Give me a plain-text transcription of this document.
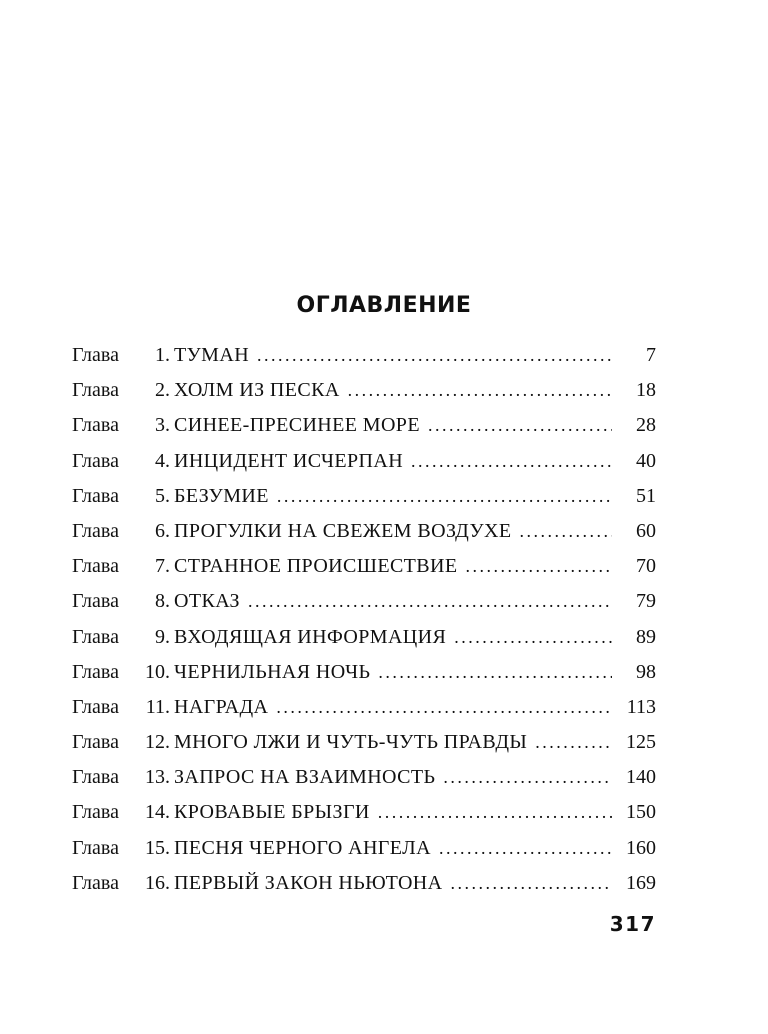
ОГЛАВЛЕНИЕ
Глава	1. ТУМАН . . .	7
Глава	2. ХОЛМ ИЗ ПЕСКА . . .	18
Глава	3. СИНЕЕ-ПРЕСИНЕЕ МОРЕ . . .	28
Глава	4. ИНЦИДЕНТ ИСЧЕРПАН . . .	40
Глава	5. БЕЗУМИЕ . . .	51
Глава	6. ПРОГУЛКИ НА СВЕЖЕМ ВОЗДУХЕ . . .	60
Глава	7. СТРАННОЕ ПРОИСШЕСТВИЕ . . .	70
Глава	8. ОТКАЗ . . .	79
Глава	9. ВХОДЯЩАЯ ИНФОРМАЦИЯ . . .	89
Глава	10. ЧЕРНИЛЬНАЯ НОЧЬ . . .	98
Глава	11. НАГРАДА . . .	113
Глава	12. МНОГО ЛЖИ И ЧУТЬ-ЧУТЬ ПРАВДЫ . . .	125
Глава	13. ЗАПРОС НА ВЗАИМНОСТЬ . . .	140
Глава	14. КРОВАВЫЕ БРЫЗГИ . . .	150
Глава	15. ПЕСНЯ ЧЕРНОГО АНГЕЛА . . .	160
Глава	16. ПЕРВЫЙ ЗАКОН НЬЮТОНА . . .	169
317
